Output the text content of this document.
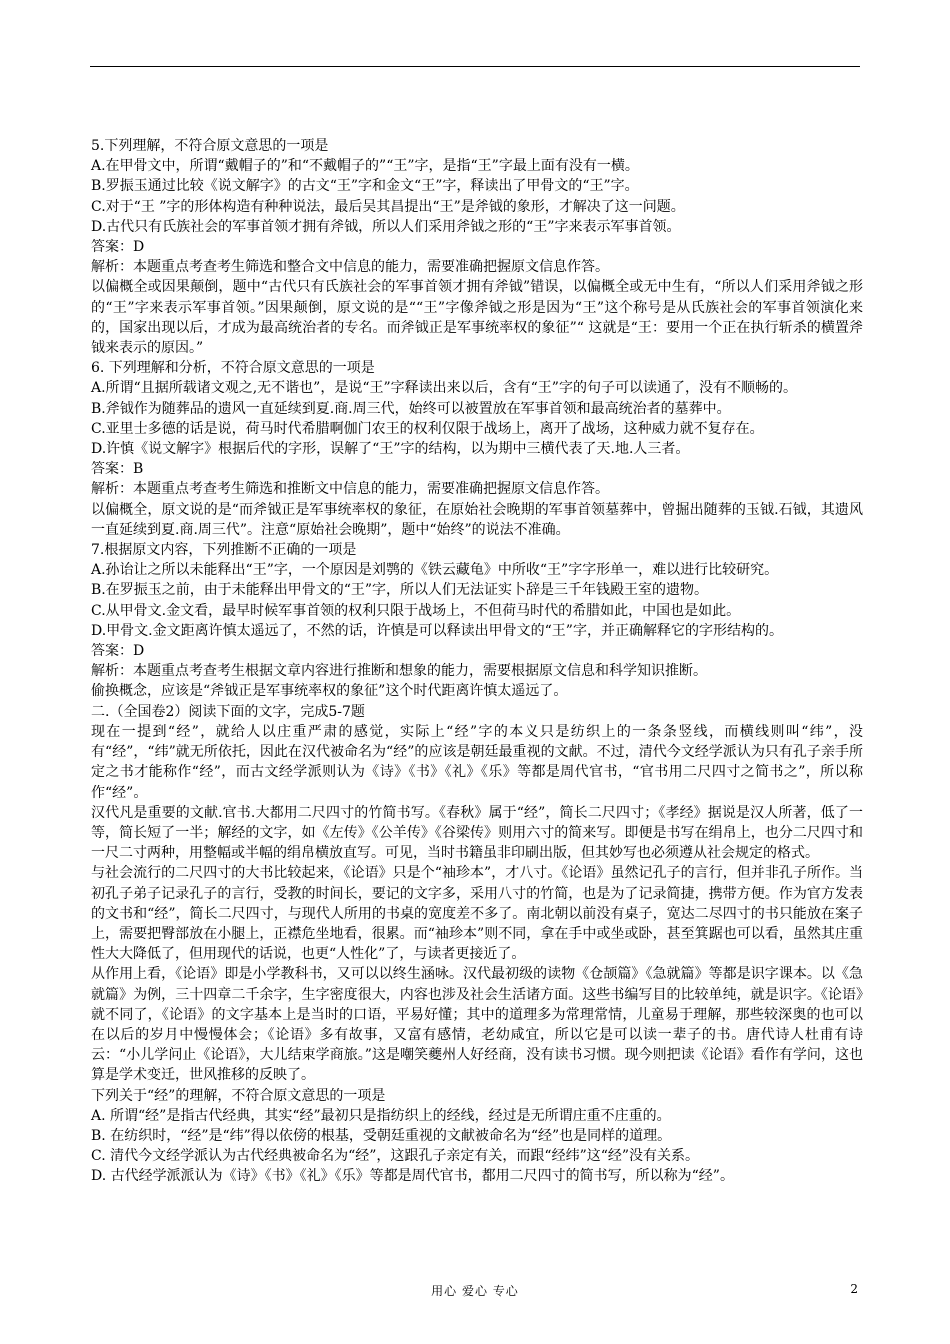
5.下列理解，不符合原文意思的一项是

A.在甲骨文中，所谓“戴帽子的”和“不戴帽子的”“王”字，是指“王”字最上面有没有一横。

B.罗振玉通过比较《说文解字》的古文“王”字和金文“王”字，释读出了甲骨文的“王”字。

C.对于“王 ”字的形体构造有种种说法，最后吴其昌提出“王”是斧钺的象形，才解决了这一问题。

D.古代只有氏族社会的军事首领才拥有斧钺，所以人们采用斧钺之形的“王”字来表示军事首领。

答案：D

解析：本题重点考查考生筛选和整合文中信息的能力，需要准确把握原文信息作答。

以偏概全或因果颠倒，题中“古代只有氏族社会的军事首领才拥有斧钺”错误，以偏概全或无中生有，“所以人们采用斧钺之形的“王”字来表示军事首领。”因果颠倒，原文说的是““王”字像斧钺之形是因为“王”这个称号是从氏族社会的军事首领演化来的，国家出现以后，才成为最高统治者的专名。而斧钺正是军事统率权的象征”“ 这就是“王：要用一个正在执行斩杀的横置斧钺来表示的原因。”

6. 下列理解和分析，不符合原文意思的一项是

A.所谓“且据所载诸文观之,无不谐也”，是说“王”字释读出来以后，含有“王”字的句子可以读通了，没有不顺畅的。

B.斧钺作为随葬品的遗风一直延续到夏.商.周三代，始终可以被置放在军事首领和最高统治者的墓葬中。

C.亚里士多德的话是说，荷马时代希腊啊伽门农王的权利仅限于战场上，离开了战场，这种威力就不复存在。

D.许慎《说文解字》根据后代的字形，误解了“王”字的结构，以为期中三横代表了天.地.人三者。

答案：B

解析：本题重点考查考生筛选和推断文中信息的能力，需要准确把握原文信息作答。

以偏概全，原文说的是“而斧钺正是军事统率权的象征，在原始社会晚期的军事首领墓葬中，曾掘出随葬的玉钺.石钺，其遗风一直延续到夏.商.周三代”。注意“原始社会晚期”，题中“始终”的说法不准确。

7.根据原文内容，下列推断不正确的一项是

A.孙诒让之所以未能释出“王”字，一个原因是刘鹗的《铁云藏龟》中所收“王”字字形单一，难以进行比较研究。

B.在罗振玉之前，由于未能释出甲骨文的“王”字，所以人们无法证实卜辞是三千年钱殿王室的遗物。

C.从甲骨文.金文看，最早时候军事首领的权利只限于战场上，不但荷马时代的希腊如此，中国也是如此。

D.甲骨文.金文距离许慎太遥远了，不然的话，许慎是可以释读出甲骨文的“王”字，并正确解释它的字形结构的。

答案：D

解析：本题重点考查考生根据文章内容进行推断和想象的能力，需要根据原文信息和科学知识推断。

偷换概念，应该是“斧钺正是军事统率权的象征”这个时代距离许慎太遥远了。

二.（全国卷2）阅读下面的文字，完成5-7题

现在一提到“经”，就给人以庄重严肃的感觉，实际上“经”字的本义只是纺织上的一条条竖线，而横线则叫“纬”，没有“经”，“纬”就无所依托，因此在汉代被命名为“经”的应该是朝廷最重视的文献。不过，清代今文经学派认为只有孔子亲手所定之书才能称作“经”，而古文经学派则认为《诗》《书》《礼》《乐》等都是周代官书，“官书用二尺四寸之简书之”，所以称作“经”。

汉代凡是重要的文献.官书.大都用二尺四寸的竹简书写。《春秋》属于“经”，简长二尺四寸；《孝经》据说是汉人所著，低了一等，简长短了一半；解经的文字，如《左传》《公羊传》《谷梁传》则用六寸的简来写。即便是书写在绢帛上，也分二尺四寸和一尺二寸两种，用整幅或半幅的绢帛横放直写。可见，当时书籍虽非印刷出版，但其妙写也必须遵从社会规定的格式。

与社会流行的二尺四寸的大书比较起来，《论语》只是个“袖珍本”，才八寸。《论语》虽然记孔子的言行，但并非孔子所作。当初孔子弟子记录孔子的言行，受教的时间长，要记的文字多，采用八寸的竹简，也是为了记录简捷，携带方便。作为官方发表的文书和“经”，简长二尺四寸，与现代人所用的书桌的宽度差不多了。南北朝以前没有桌子，宽达二尽四寸的书只能放在案子上，需要把臀部放在小腿上，正襟危坐地看，很累。而“袖珍本”则不同，拿在手中或坐或卧，甚至箕踞也可以看，虽然其庄重性大大降低了，但用现代的话说，也更“人性化”了，与读者更接近了。

从作用上看，《论语》即是小学教科书，又可以以终生涵咏。汉代最初级的读物《仓颉篇》《急就篇》等都是识字课本。以《急就篇》为例，三十四章二千余字，生字密度很大，内容也涉及社会生活诸方面。这些书编写目的比较单纯，就是识字。《论语》就不同了，《论语》的文字基本上是当时的口语，平易好懂；其中的道理多为常理常情，儿童易于理解，那些较深奥的也可以在以后的岁月中慢慢体会；《论语》多有故事，又富有感情，老幼咸宜，所以它是可以读一辈子的书。唐代诗人杜甫有诗云：“小儿学问止《论语》，大儿结束学商旅。”这是嘲笑夔州人好经商，没有读书习惯。现今则把读《论语》看作有学问，这也算是学术变迁，世风推移的反映了。

下列关于“经”的理解，不符合原文意思的一项是

A. 所谓“经”是指古代经典，其实“经”最初只是指纺织上的经线，经过是无所谓庄重不庄重的。

B. 在纺织时，“经”是“纬”得以依傍的根基，受朝廷重视的文献被命名为“经”也是同样的道理。

C. 清代今文经学派认为古代经典被命名为“经”，这跟孔子亲定有关，而跟“经纬”这“经”没有关系。

D. 古代经学派派认为《诗》《书》《礼》《乐》等都是周代官书，都用二尺四寸的简书写，所以称为“经”。

用心 爱心 专心	2
